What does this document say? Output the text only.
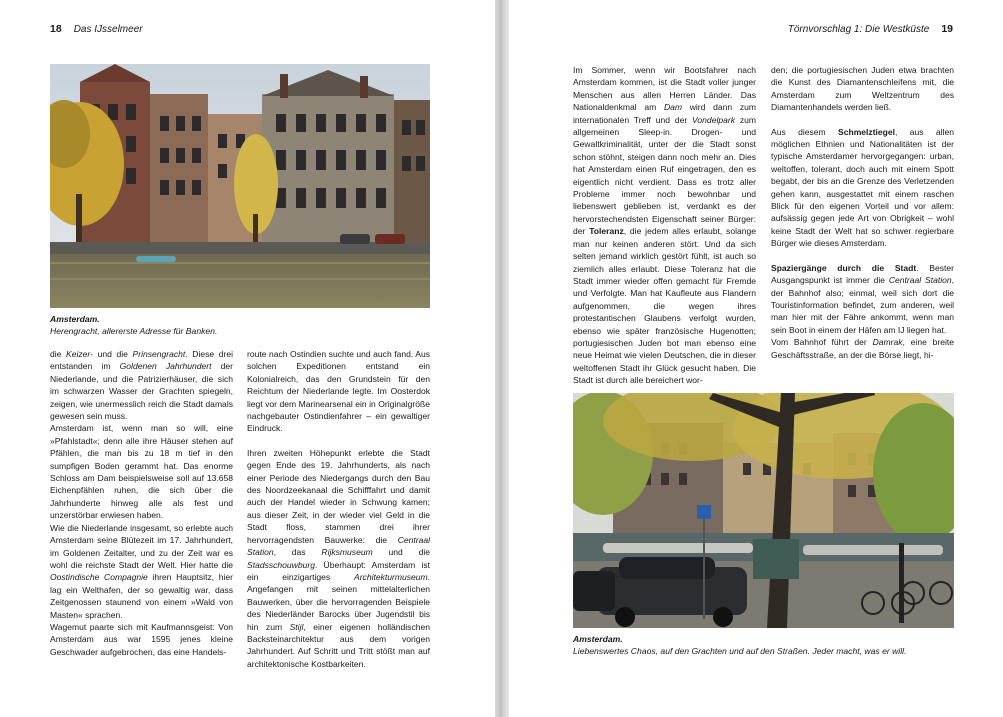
18 Das IJsselmeer
Amsterdam.
Herengracht, allererste Adresse für Banken.

die Keizer- und die Prinsengracht. Diese drei entstanden im Goldenen Jahrhundert der Niederlande, und die Patrizierhäuser, die sich im schwarzen Wasser der Grachten spiegeln, zeigen, wie unermesslich reich die Stadt damals gewesen sein muss.

Amsterdam ist, wenn man so will, eine »Pfahlstadt«; denn alle ihre Häuser stehen auf Pfählen, die man bis zu 18 m tief in den sumpfigen Boden gerammt hat. Das enorme Schloss am Dam beispielsweise soll auf 13.658 Eichenpfählen ruhen, die sich über die Jahrhunderte hinweg alle als fest und unzerstörbar erwiesen haben.

Wie die Niederlande insgesamt, so erlebte auch Amsterdam seine Blütezeit im 17. Jahrhundert, im Goldenen Zeitalter, und zu der Zeit war es wohl die reichste Stadt der Welt. Hier hatte die Oostindische Compagnie ihren Hauptsitz, hier lag ein Welthafen, der so gewaltig war, dass Zeitgenossen staunend von einem »Wald von Masten« sprachen.

Wagemut paarte sich mit Kaufmannsgeist: Von Amsterdam aus war 1595 jenes kleine Geschwader aufgebrochen, das eine Handels-

route nach Ostindien suchte und auch fand. Aus solchen Expeditionen entstand ein Kolonialreich, das den Grundstein für den Reichtum der Niederlande legte. Im Oosterdok liegt vor dem Marinearsenal ein in Originalgröße nachgebauter Ostindienfahrer – ein gewaltiger Eindruck.

Ihren zweiten Höhepunkt erlebte die Stadt gegen Ende des 19. Jahrhunderts, als nach einer Periode des Niedergangs durch den Bau des Noordzeekanaal die Schifffahrt und damit auch der Handel wieder in Schwung kamen; aus dieser Zeit, in der wieder viel Geld in die Stadt floss, stammen drei ihrer hervorragendsten Bauwerke: die Centraal Station, das Rijksmuseum und die Stadsschouwburg. Überhaupt: Amsterdam ist ein einzigartiges Architekturmuseum. Angefangen mit seinen mittelalterlichen Bauwerken, über die hervorragenden Beispiele des Niederländer Barocks über Jugendstil bis hin zum Stijl, einer eigenen holländischen Backsteinarchitektur aus dem vorigen Jahrhundert. Auf Schritt und Tritt stößt man auf architektonische Kostbarkeiten.

Törnvorschlag 1: Die Westküste 19

Im Sommer, wenn wir Bootsfahrer nach Amsterdam kommen, ist die Stadt voller junger Menschen aus allen Herren Länder. Das Nationaldenkmal am Dam wird dann zum internationalen Treff und der Vondelpark zum allgemeinen Sleep-in. Drogen- und Gewaltkriminalität, unter der die Stadt sonst schon stöhnt, steigen dann noch mehr an. Dies hat Amsterdam einen Ruf eingetragen, den es eigentlich nicht verdient. Dass es trotz aller Probleme immer noch bewohnbar und liebenswert geblieben ist, verdankt es der hervorstechendsten Eigenschaft seiner Bürger: der Toleranz, die jedem alles erlaubt, solange man nur keinen anderen stört. Und da sich selten jemand wirklich gestört fühlt, ist auch so ziemlich alles erlaubt. Diese Toleranz hat die Stadt immer wieder offen gemacht für Fremde und Verfolgte. Man hat Kaufleute aus Flandern aufgenommen, die wegen ihres protestantischen Glaubens verfolgt wurden, ebenso wie später französische Hugenotten; portugiesischen Juden bot man ebenso eine neue Heimat wie vielen Deutschen, die in dieser weltoffenen Stadt ihr Glück gesucht haben. Die Stadt ist durch alle bereichert wor-

den; die portugiesischen Juden etwa brachten die Kunst des Diamantenschleifens mit, die Amsterdam zum Weltzentrum des Diamantenhandels werden ließ.

Aus diesem Schmelztiegel, aus allen möglichen Ethnien und Nationalitäten ist der typische Amsterdamer hervorgegangen: urban, weltoffen, tolerant, doch auch mit einem Spott begabt, der bis an die Grenze des Verletzenden gehen kann, ausgestattet mit einem raschen Blick für den eigenen Vorteil und vor allem: aufsässig gegen jede Art von Obrigkeit – wohl keine Stadt der Welt hat so schwer regierbare Bürger wie dieses Amsterdam.

Spaziergänge durch die Stadt. Bester Ausgangspunkt ist immer die Centraal Station, der Bahnhof also; einmal, weil sich dort die Touristinformation befindet, zum anderen, weil man hier mit der Fähre ankommt, wenn man sein Boot in einem der Häfen am IJ liegen hat.

Vom Bahnhof führt der Damrak, eine breite Geschäftsstraße, an der die Börse liegt, hi-

Amsterdam.
Liebenswertes Chaos, auf den Grachten und auf den Straßen. Jeder macht, was er will.
